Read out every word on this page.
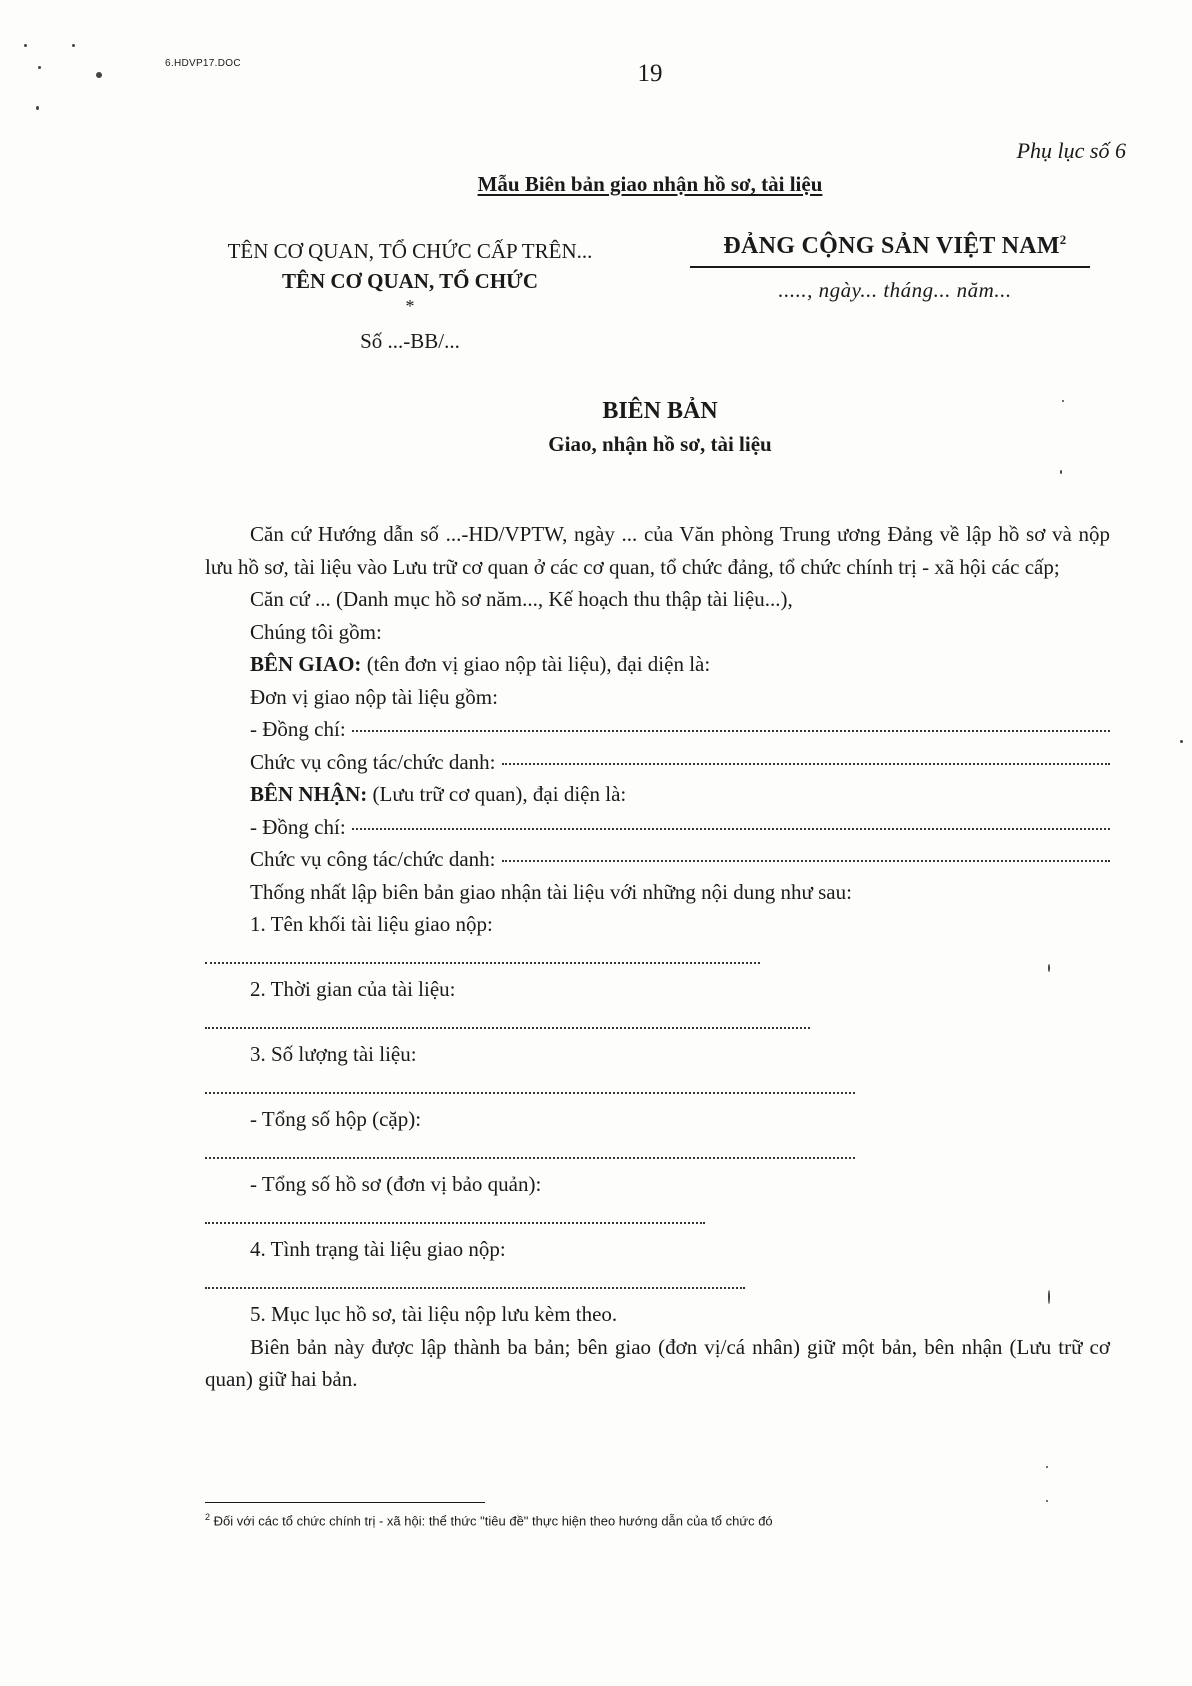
6.HDVP17.DOC	19
Phụ lục số 6
Mẫu Biên bản giao nhận hồ sơ, tài liệu
TÊN CƠ QUAN, TỔ CHỨC CẤP TRÊN...
TÊN CƠ QUAN, TỔ CHỨC
*
Số ...-BB/...
ĐẢNG CỘNG SẢN VIỆT NAM$^2$
....., ngày... tháng... năm...
BIÊN BẢN
Giao, nhận hồ sơ, tài liệu

Căn cứ Hướng dẫn số ...-HD/VPTW, ngày ... của Văn phòng Trung ương Đảng về lập hồ sơ và nộp lưu hồ sơ, tài liệu vào Lưu trữ cơ quan ở các cơ quan, tổ chức đảng, tổ chức chính trị - xã hội các cấp;

Căn cứ ... (Danh mục hồ sơ năm..., Kế hoạch thu thập tài liệu...),

Chúng tôi gồm:

BÊN GIAO: (tên đơn vị giao nộp tài liệu), đại diện là:

Đơn vị giao nộp tài liệu gồm:

- Đồng chí:
Chức vụ công tác/chức danh:

BÊN NHẬN: (Lưu trữ cơ quan), đại diện là:

- Đồng chí:
Chức vụ công tác/chức danh:

Thống nhất lập biên bản giao nhận tài liệu với những nội dung như sau:

1. Tên khối tài liệu giao nộp:

2. Thời gian của tài liệu:

3. Số lượng tài liệu:

- Tổng số hộp (cặp):

- Tổng số hồ sơ (đơn vị bảo quản):

4. Tình trạng tài liệu giao nộp:

5. Mục lục hồ sơ, tài liệu nộp lưu kèm theo.

Biên bản này được lập thành ba bản; bên giao (đơn vị/cá nhân) giữ một bản, bên nhận (Lưu trữ cơ quan) giữ hai bản.

$^2$ Đối với các tổ chức chính trị - xã hội: thể thức "tiêu đề" thực hiện theo hướng dẫn của tổ chức đó
